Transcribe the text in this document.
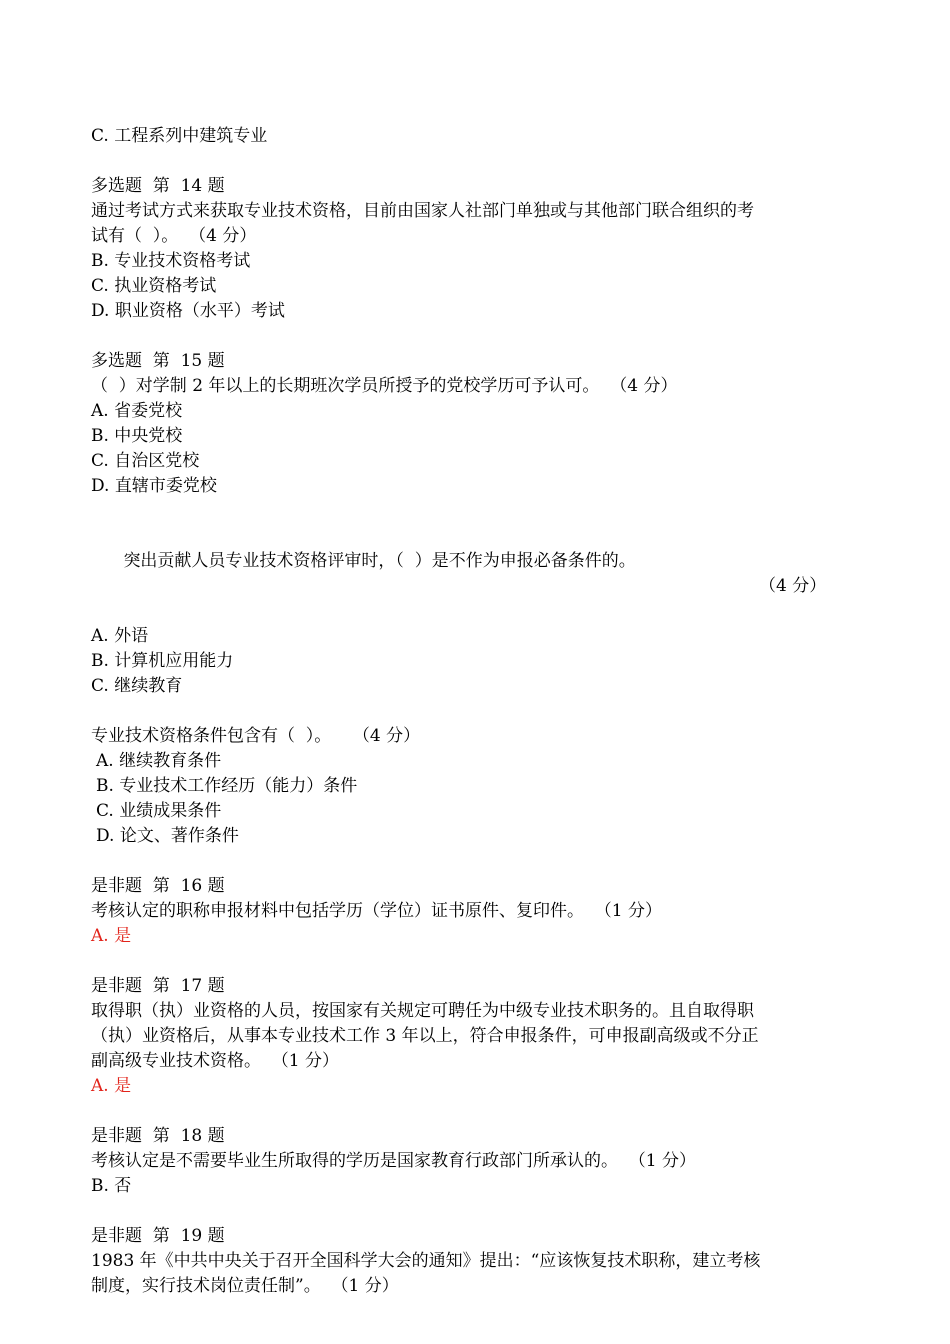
C. 工程系列中建筑专业
多选题  第  14 题
通过考试方式来获取专业技术资格，目前由国家人社部门单独或与其他部门联合组织的考
试有（  ）。  （4 分）
B. 专业技术资格考试
C. 执业资格考试
D. 职业资格（水平）考试
多选题  第  15 题
（  ）对学制 2 年以上的长期班次学员所授予的党校学历可予认可。  （4 分）
A. 省委党校
B. 中央党校
C. 自治区党校
D. 直辖市委党校

突出贡献人员专业技术资格评审时，（  ）是不作为申报必备条件的。

（4 分）

A. 外语
B. 计算机应用能力
C. 继续教育
专业技术资格条件包含有（  ）。    （4 分）
A. 继续教育条件
B. 专业技术工作经历（能力）条件
C. 业绩成果条件
D. 论文、著作条件
是非题  第  16 题
考核认定的职称申报材料中包括学历（学位）证书原件、复印件。  （1 分）
A. 是
是非题  第  17 题
取得职（执）业资格的人员，按国家有关规定可聘任为中级专业技术职务的。且自取得职
（执）业资格后，从事本专业技术工作 3 年以上，符合申报条件，可申报副高级或不分正
副高级专业技术资格。  （1 分）
A. 是
是非题  第  18 题
考核认定是不需要毕业生所取得的学历是国家教育行政部门所承认的。  （1 分）
B. 否
是非题  第  19 题
1983 年《中共中央关于召开全国科学大会的通知》提出：“应该恢复技术职称，建立考核
制度，实行技术岗位责任制”。  （1 分）
